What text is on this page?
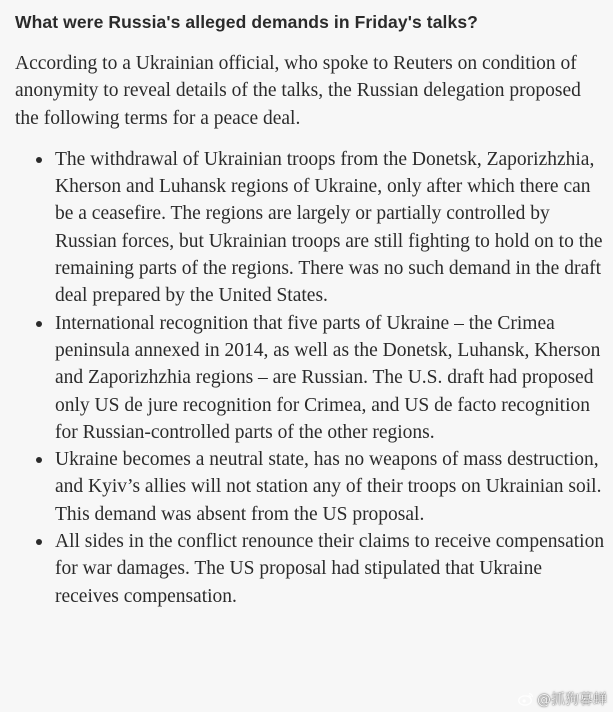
What were Russia's alleged demands in Friday's talks?

According to a Ukrainian official, who spoke to Reuters on condition of anonymity to reveal details of the talks, the Russian delegation proposed the following terms for a peace deal.

The withdrawal of Ukrainian troops from the Donetsk, Zaporizhzhia, Kherson and Luhansk regions of Ukraine, only after which there can be a ceasefire. The regions are largely or partially controlled by Russian forces, but Ukrainian troops are still fighting to hold on to the remaining parts of the regions. There was no such demand in the draft deal prepared by the United States.
International recognition that five parts of Ukraine – the Crimea peninsula annexed in 2014, as well as the Donetsk, Luhansk, Kherson and Zaporizhzhia regions – are Russian. The U.S. draft had proposed only US de jure recognition for Crimea, and US de facto recognition for Russian-controlled parts of the other regions.
Ukraine becomes a neutral state, has no weapons of mass destruction, and Kyiv’s allies will not station any of their troops on Ukrainian soil. This demand was absent from the US proposal.
All sides in the conflict renounce their claims to receive compensation for war damages. The US proposal had stipulated that Ukraine receives compensation.
@抓狗暮蝉
